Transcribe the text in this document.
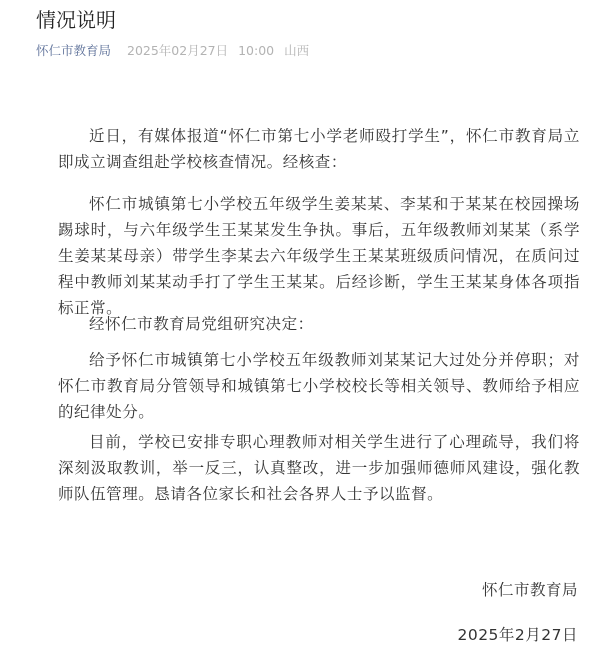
情况说明
怀仁市教育局 2025年02月27日 10:00 山西

近日，有媒体报道“怀仁市第七小学老师殴打学生”，怀仁市教育局立即成立调查组赴学校核查情况。经核查：

怀仁市城镇第七小学校五年级学生姜某某、李某和于某某在校园操场踢球时，与六年级学生王某某发生争执。事后，五年级教师刘某某（系学生姜某某母亲）带学生李某去六年级学生王某某班级质问情况，在质问过程中教师刘某某动手打了学生王某某。后经诊断，学生王某某身体各项指标正常。

经怀仁市教育局党组研究决定：

给予怀仁市城镇第七小学校五年级教师刘某某记大过处分并停职；对怀仁市教育局分管领导和城镇第七小学校校长等相关领导、教师给予相应的纪律处分。

目前，学校已安排专职心理教师对相关学生进行了心理疏导，我们将深刻汲取教训，举一反三，认真整改，进一步加强师德师风建设，强化教师队伍管理。恳请各位家长和社会各界人士予以监督。

怀仁市教育局

2025年2月27日
